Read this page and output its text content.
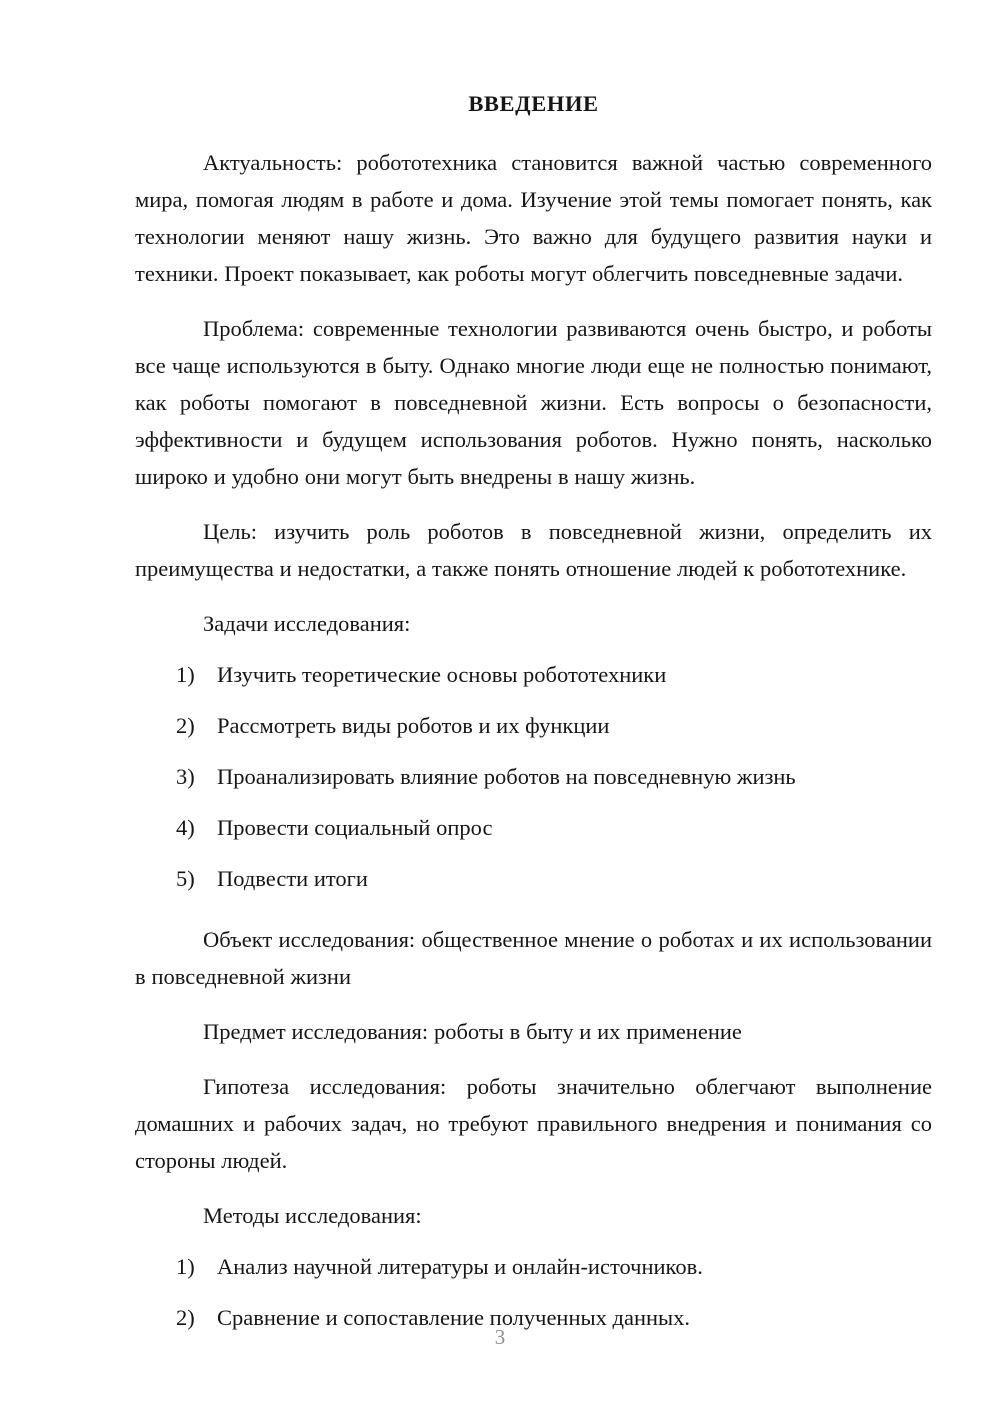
ВВЕДЕНИЕ

Актуальность: робототехника становится важной частью современного мира, помогая людям в работе и дома. Изучение этой темы помогает понять, как технологии меняют нашу жизнь. Это важно для будущего развития науки и техники. Проект показывает, как роботы могут облегчить повседневные задачи.

Проблема: современные технологии развиваются очень быстро, и роботы все чаще используются в быту. Однако многие люди еще не полностью понимают, как роботы помогают в повседневной жизни. Есть вопросы о безопасности, эффективности и будущем использования роботов. Нужно понять, насколько широко и удобно они могут быть внедрены в нашу жизнь.

Цель: изучить роль роботов в повседневной жизни, определить их преимущества и недостатки, а также понять отношение людей к робототехнике.

Задачи исследования:
1) Изучить теоретические основы робототехники
2) Рассмотреть виды роботов и их функции
3) Проанализировать влияние роботов на повседневную жизнь
4) Провести социальный опрос
5) Подвести итоги

Объект исследования: общественное мнение о роботах и их использовании в повседневной жизни

Предмет исследования: роботы в быту и их применение

Гипотеза исследования: роботы значительно облегчают выполнение домашних и рабочих задач, но требуют правильного внедрения и понимания со стороны людей.

Методы исследования:
1) Анализ научной литературы и онлайн-источников.
2) Сравнение и сопоставление полученных данных.
3
